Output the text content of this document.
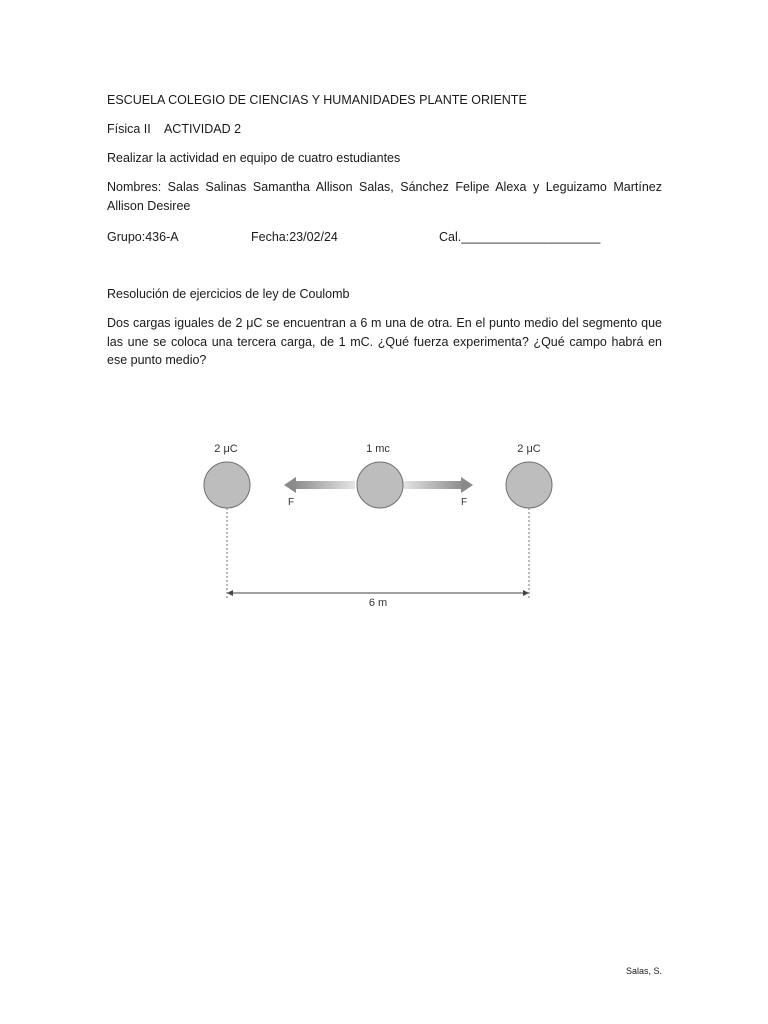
ESCUELA COLEGIO DE CIENCIAS Y HUMANIDADES PLANTE ORIENTE
Física II    ACTIVIDAD 2
Realizar la actividad en equipo de cuatro estudiantes
Nombres: Salas Salinas Samantha Allison Salas, Sánchez Felipe Alexa y Leguizamo Martínez Allison Desiree
Grupo:436-A	Fecha:23/02/24	Cal.____________________
Resolución de ejercicios de ley de Coulomb
Dos cargas iguales de 2 μC se encuentran a 6 m una de otra. En el punto medio del segmento que las une se coloca una tercera carga, de 1 mC. ¿Qué fuerza experimenta? ¿Qué campo habrá en ese punto medio?
2 μC	1 mc	2 μC
F	F
6 m
Salas, S.
